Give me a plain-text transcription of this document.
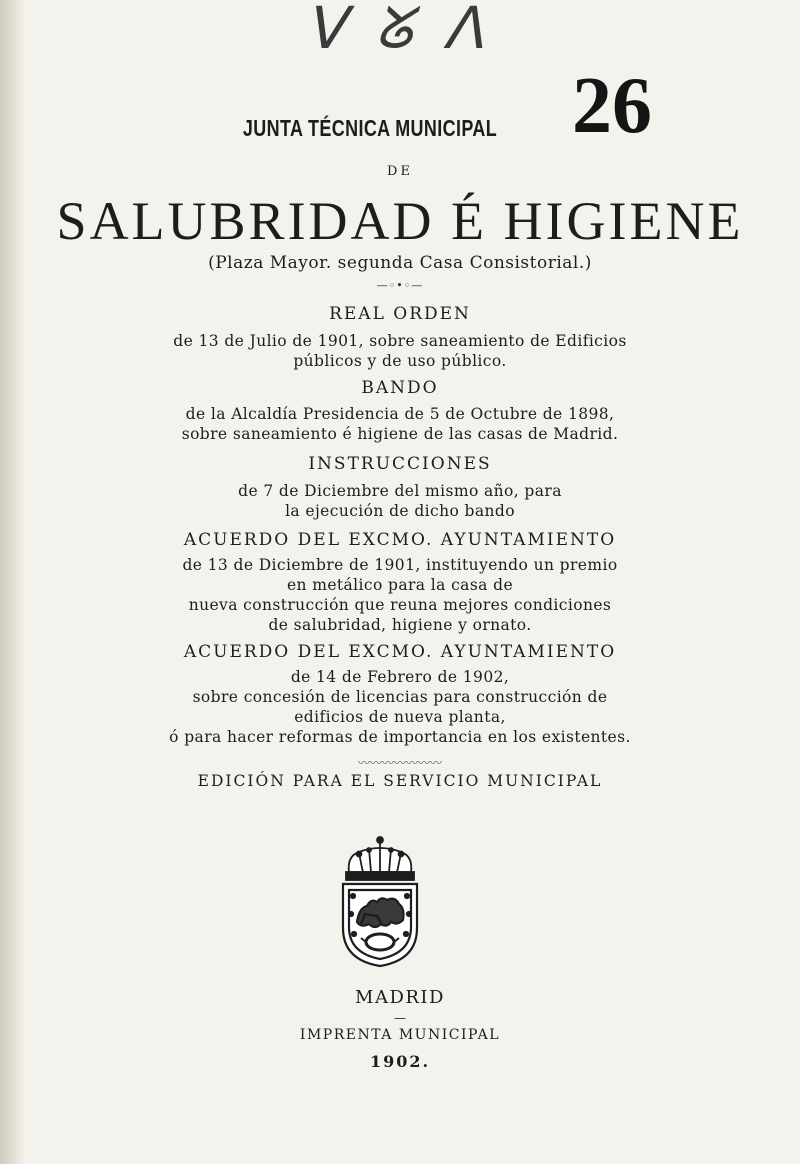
ᐯ ᘜ ᐱ
26
JUNTA TÉCNICA MUNICIPAL
DE
SALUBRIDAD É HIGIENE
(Plaza Mayor. segunda Casa Consistorial.)
—◦•◦—
REAL ORDEN
de 13 de Julio de 1901, sobre saneamiento de Edificios
públicos y de uso público.
BANDO
de la Alcaldía Presidencia de 5 de Octubre de 1898,
sobre saneamiento é higiene de las casas de Madrid.
INSTRUCCIONES
de 7 de Diciembre del mismo año, para
la ejecución de dicho bando
ACUERDO DEL EXCMO. AYUNTAMIENTO
de 13 de Diciembre de 1901, instituyendo un premio
en metálico para la casa de
nueva construcción que reuna mejores condiciones
de salubridad, higiene y ornato.
ACUERDO DEL EXCMO. AYUNTAMIENTO
de 14 de Febrero de 1902,
sobre concesión de licencias para construcción de
edificios de nueva planta,
ó para hacer reformas de importancia en los existentes.
〰〰〰〰〰〰〰
EDICIÓN PARA EL SERVICIO MUNICIPAL
MADRID
—
IMPRENTA MUNICIPAL
1902.
